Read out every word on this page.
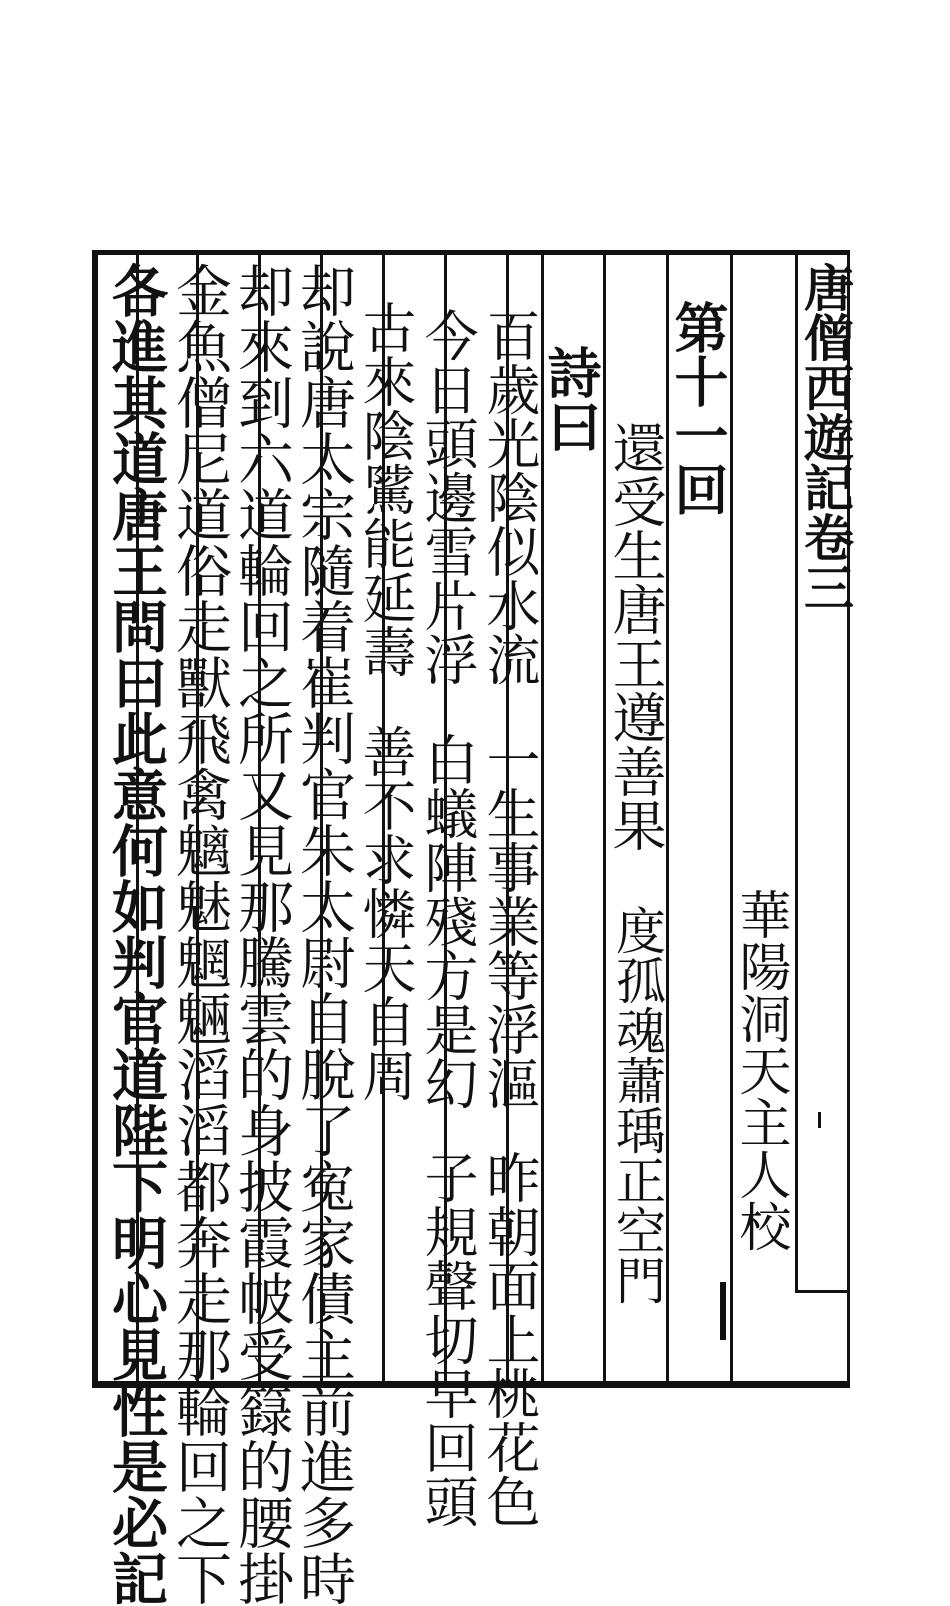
唐僧西遊記卷三
華陽洞天主人校
第十一回
還受生唐王遵善果
度孤魂蕭瑀正空門
詩曰
百歲光陰似水流一生事業等浮漚昨朝面上桃花色
今日頭邊雪片浮白蟻陣殘方是幻子規聲切早回頭
古來陰騭能延壽善不求憐天自周
却說唐太宗隨着崔判官朱太尉自脫了寃家債主前進多時
却來到六道輪回之所又見那騰雲的身披霞帔受籙的腰掛
金魚僧尼道俗走獸飛禽魑魅魍魎滔滔都奔走那輪回之下
各進其道唐王問曰此意何如判官道陛下明心見性是必記
